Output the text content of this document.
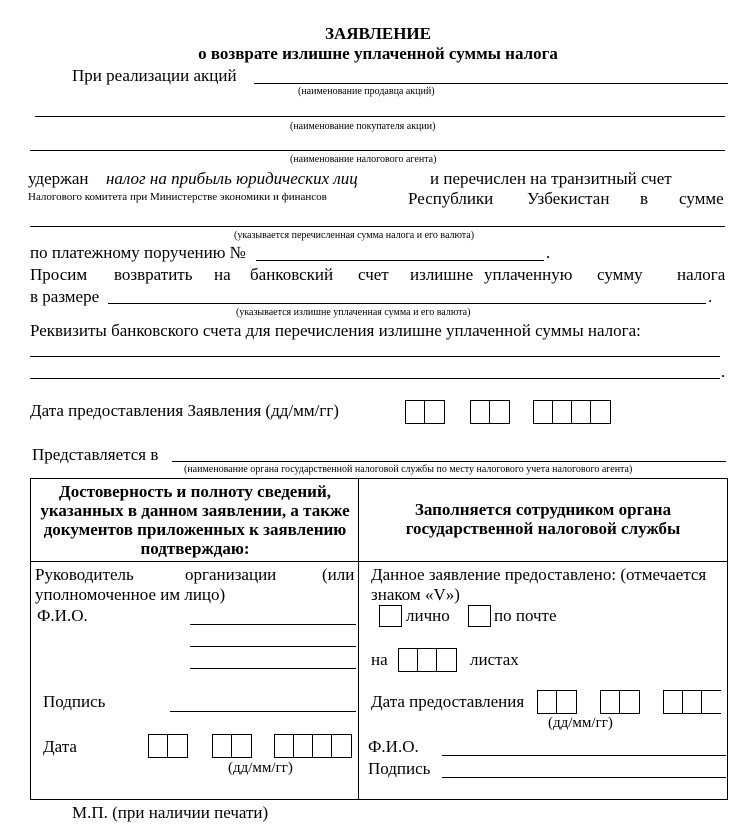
ЗАЯВЛЕНИЕ
о возврате излишне уплаченной суммы налога
При реализации акций
(наименование продавца акций)
(наименование покупателя акции)
(наименование налогового агента)
удержан налог на прибыль юридических лиц	и перечислен на транзитный счет
Налогового комитета при Министерстве экономики и финансов	Республики Узбекистан в сумме
(указывается перечисленная сумма налога и его валюта)
по платежному поручению №	.
Просим возвратить на банковский счет излишне уплаченную сумму налога
в размере	.
(указывается излишне уплаченная сумма и его валюта)
Реквизиты банковского счета для перечисления излишне уплаченной суммы налога:
.
Дата предоставления Заявления (дд/мм/гг)
Представляется в
(наименование органа государственной налоговой службы по месту налогового учета налогового агента)
Достоверность и полноту сведений, указанных в данном заявлении, а также документов приложенных к заявлению подтверждаю:
Заполняется сотрудником органа государственной налоговой службы
Руководитель	организации	(или
уполномоченное им лицо)
Ф.И.О.
Подпись
Дата
(дд/мм/гг)
М.П. (при наличии печати)
Данное заявление предоставлено: (отмечается знаком «V»)
лично	по почте
на	листах
Дата предоставления
(дд/мм/гг)
Ф.И.О.
Подпись
